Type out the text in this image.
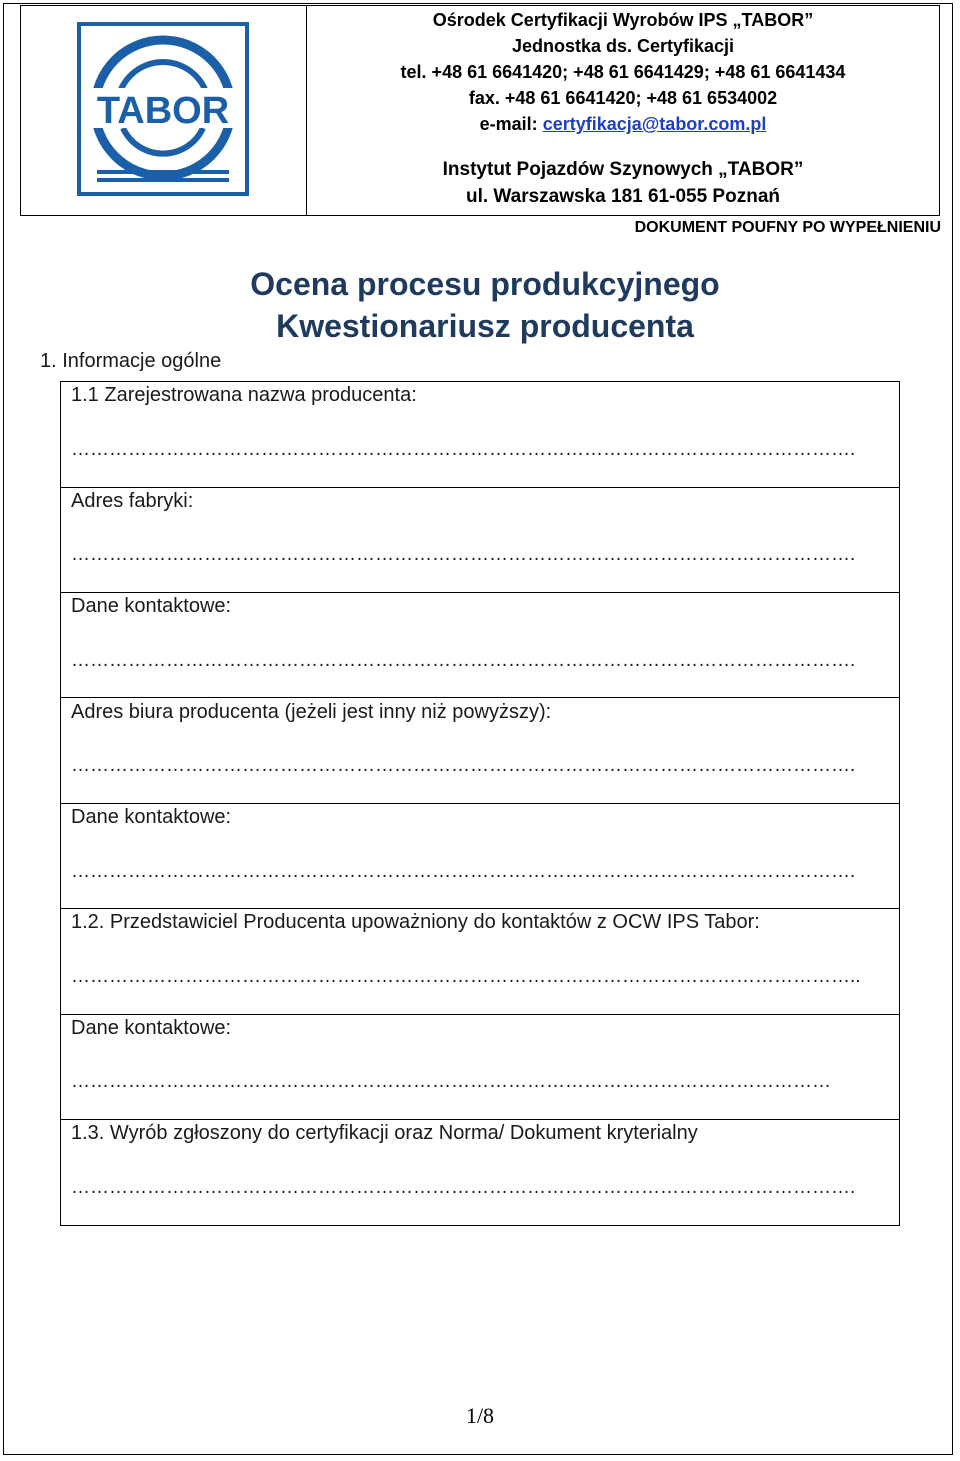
TABOR
Ośrodek Certyfikacji Wyrobów IPS „TABOR”
Jednostka ds. Certyfikacji
tel. +48 61 6641420; +48 61 6641429; +48 61 6641434
fax. +48 61 6641420; +48 61 6534002
e-mail: certyfikacja@tabor.com.pl
Instytut Pojazdów Szynowych „TABOR”
ul. Warszawska 181 61-055 Poznań
DOKUMENT POUFNY PO WYPEŁNIENIU
Ocena procesu produkcyjnego
Kwestionariusz producenta
1. Informacje ogólne
1.1 Zarejestrowana nazwa producenta:
…………………………………………………………………………………………………………….
Adres fabryki:
…………………………………………………………………………………………………………….
Dane kontaktowe:
…………………………………………………………………………………………………………….
Adres biura producenta (jeżeli jest inny niż powyższy):
…………………………………………………………………………………………………………….
Dane kontaktowe:
…………………………………………………………………………………………………………….
1.2. Przedstawiciel Producenta upoważniony do kontaktów z OCW IPS Tabor:
……………………………………………………………………………………………………………..
Dane kontaktowe:
…………………………………………………………………………………………………………
1.3. Wyrób zgłoszony do certyfikacji oraz Norma/ Dokument kryterialny
…………………………………………………………………………………………………………….
1/8
